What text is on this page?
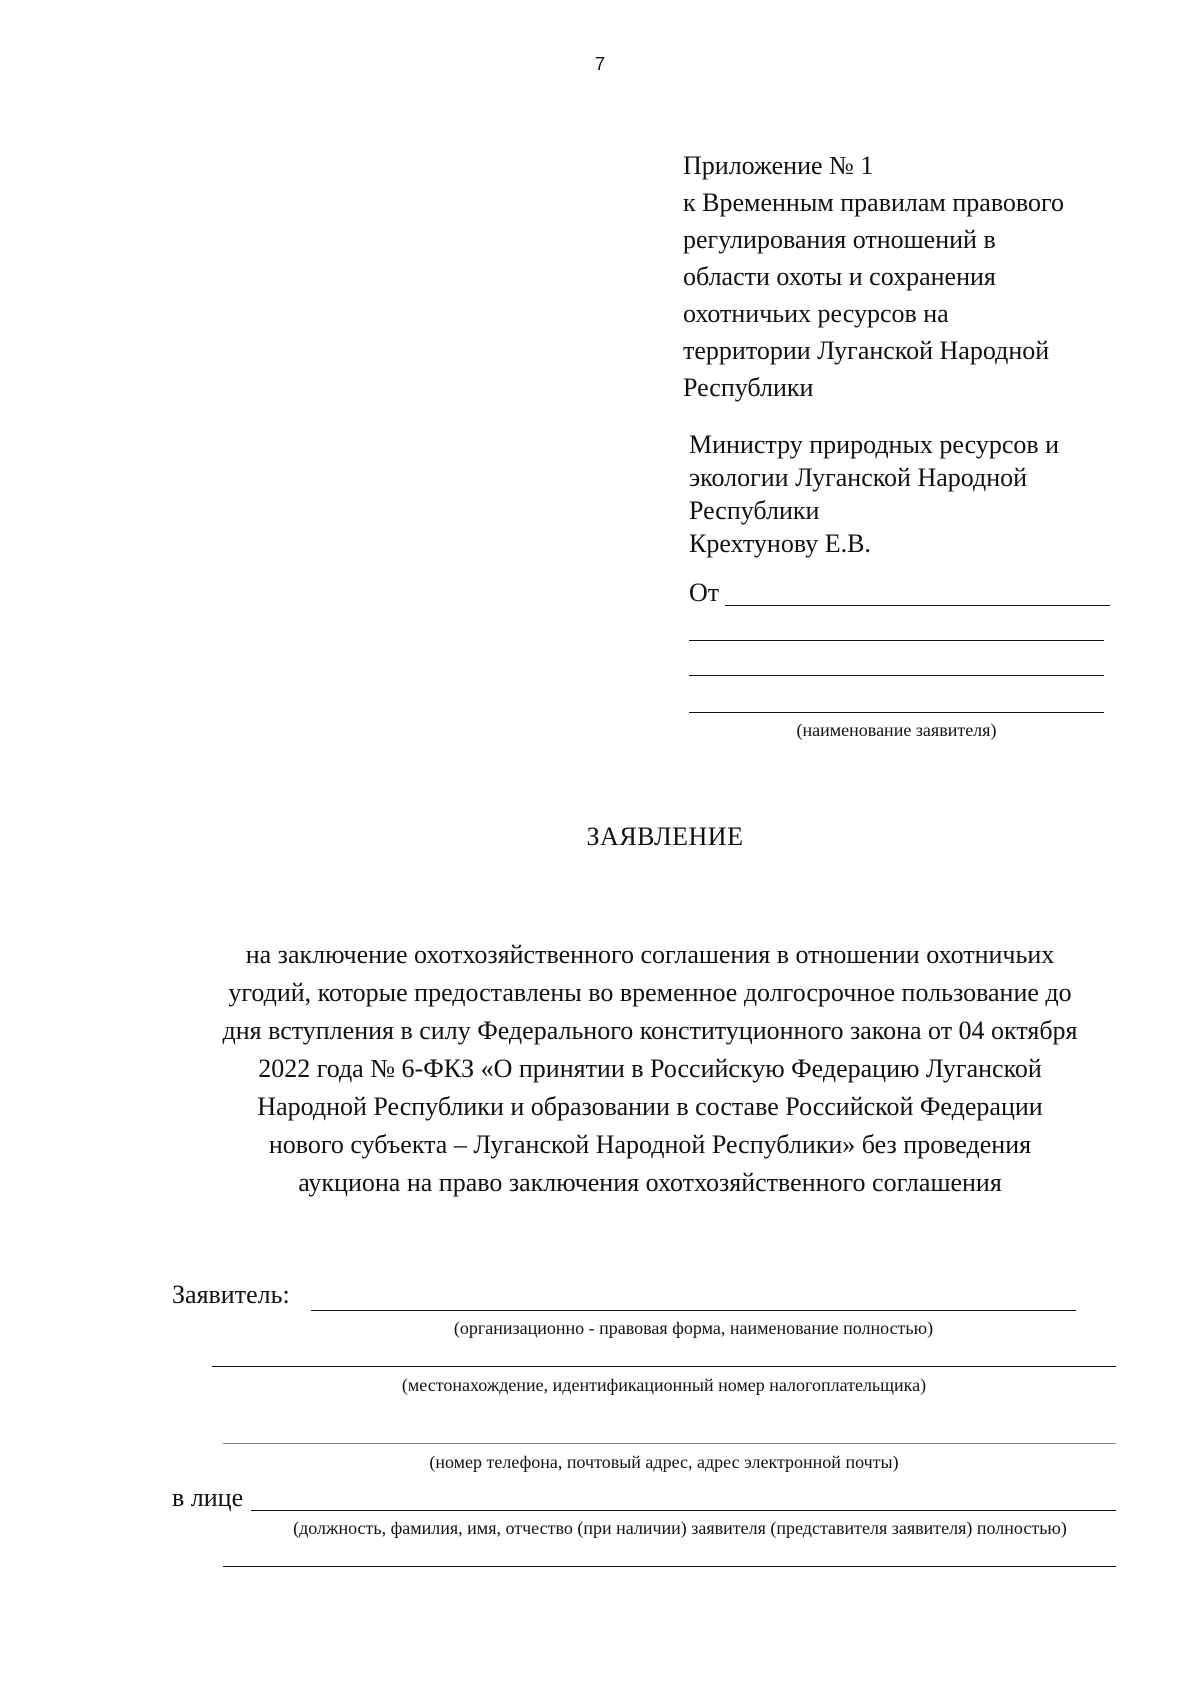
7
Приложение № 1
к Временным правилам правового
регулирования отношений в
области охоты и сохранения
охотничьих ресурсов на
территории Луганской Народной
Республики
Министру природных ресурсов и
экологии Луганской Народной
Республики
Крехтунову Е.В.
От
(наименование заявителя)
ЗАЯВЛЕНИЕ
на заключение охотхозяйственного соглашения в отношении охотничьих
угодий, которые предоставлены во временное долгосрочное пользование до
дня вступления в силу Федерального конституционного закона от 04 октября
2022 года № 6-ФКЗ «О принятии в Российскую Федерацию Луганской
Народной Республики и образовании в составе Российской Федерации
нового субъекта – Луганской Народной Республики» без проведения
аукциона на право заключения охотхозяйственного соглашения
Заявитель:
(организационно - правовая форма, наименование полностью)
(местонахождение, идентификационный номер налогоплательщика)
(номер телефона, почтовый адрес, адрес электронной почты)
в лице
(должность, фамилия, имя, отчество (при наличии) заявителя (представителя заявителя) полностью)
